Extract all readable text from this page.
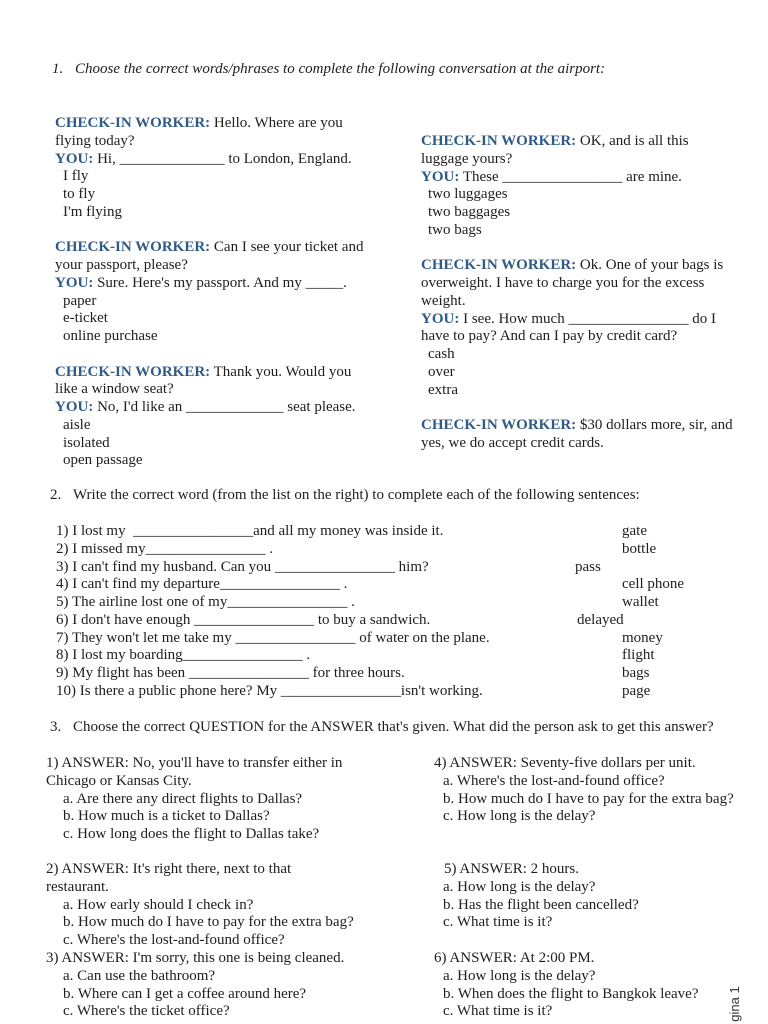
1. Choose the correct words/phrases to complete the following conversation at the airport:
CHECK-IN WORKER: Hello. Where are you
flying today?
YOU: Hi, ______________ to London, England.
I fly
to fly
I'm flying
CHECK-IN WORKER: Can I see your ticket and
your passport, please?
YOU: Sure. Here's my passport. And my _____.
paper
e-ticket
online purchase
CHECK-IN WORKER: Thank you. Would you
like a window seat?
YOU: No, I'd like an _____________ seat please.
aisle
isolated
open passage
CHECK-IN WORKER: OK, and is all this
luggage yours?
YOU: These ________________ are mine.
two luggages
two baggages
two bags
CHECK-IN WORKER: Ok. One of your bags is
overweight. I have to charge you for the excess
weight.
YOU: I see. How much ________________ do I
have to pay? And can I pay by credit card?
cash
over
extra
CHECK-IN WORKER: $30 dollars more, sir, and
yes, we do accept credit cards.
2. Write the correct word (from the list on the right) to complete each of the following sentences:
1) I lost my  ________________and all my money was inside it.
2) I missed my________________ .
3) I can't find my husband. Can you ________________ him?
4) I can't find my departure________________ .
5) The airline lost one of my________________ .
6) I don't have enough ________________ to buy a sandwich.
7) They won't let me take my ________________ of water on the plane.
8) I lost my boarding________________ .
9) My flight has been ________________ for three hours.
10) Is there a public phone here? My ________________isn't working.
gate
bottle
pass
cell phone
wallet
delayed
money
flight
bags
page
3. Choose the correct QUESTION for the ANSWER that's given. What did the person ask to get this answer?
1) ANSWER: No, you'll have to transfer either in
Chicago or Kansas City.
a. Are there any direct flights to Dallas?
b. How much is a ticket to Dallas?
c. How long does the flight to Dallas take?
2) ANSWER: It's right there, next to that
restaurant.
a. How early should I check in?
b. How much do I have to pay for the extra bag?
c. Where's the lost-and-found office?
3) ANSWER: I'm sorry, this one is being cleaned.
a. Can use the bathroom?
b. Where can I get a coffee around here?
c. Where's the ticket office?
4) ANSWER: Seventy-five dollars per unit.
a. Where's the lost-and-found office?
b. How much do I have to pay for the extra bag?
c. How long is the delay?
5) ANSWER: 2 hours.
a. How long is the delay?
b. Has the flight been cancelled?
c. What time is it?
6) ANSWER: At 2:00 PM.
a. How long is the delay?
b. When does the flight to Bangkok leave?
c. What time is it?	gina 1
